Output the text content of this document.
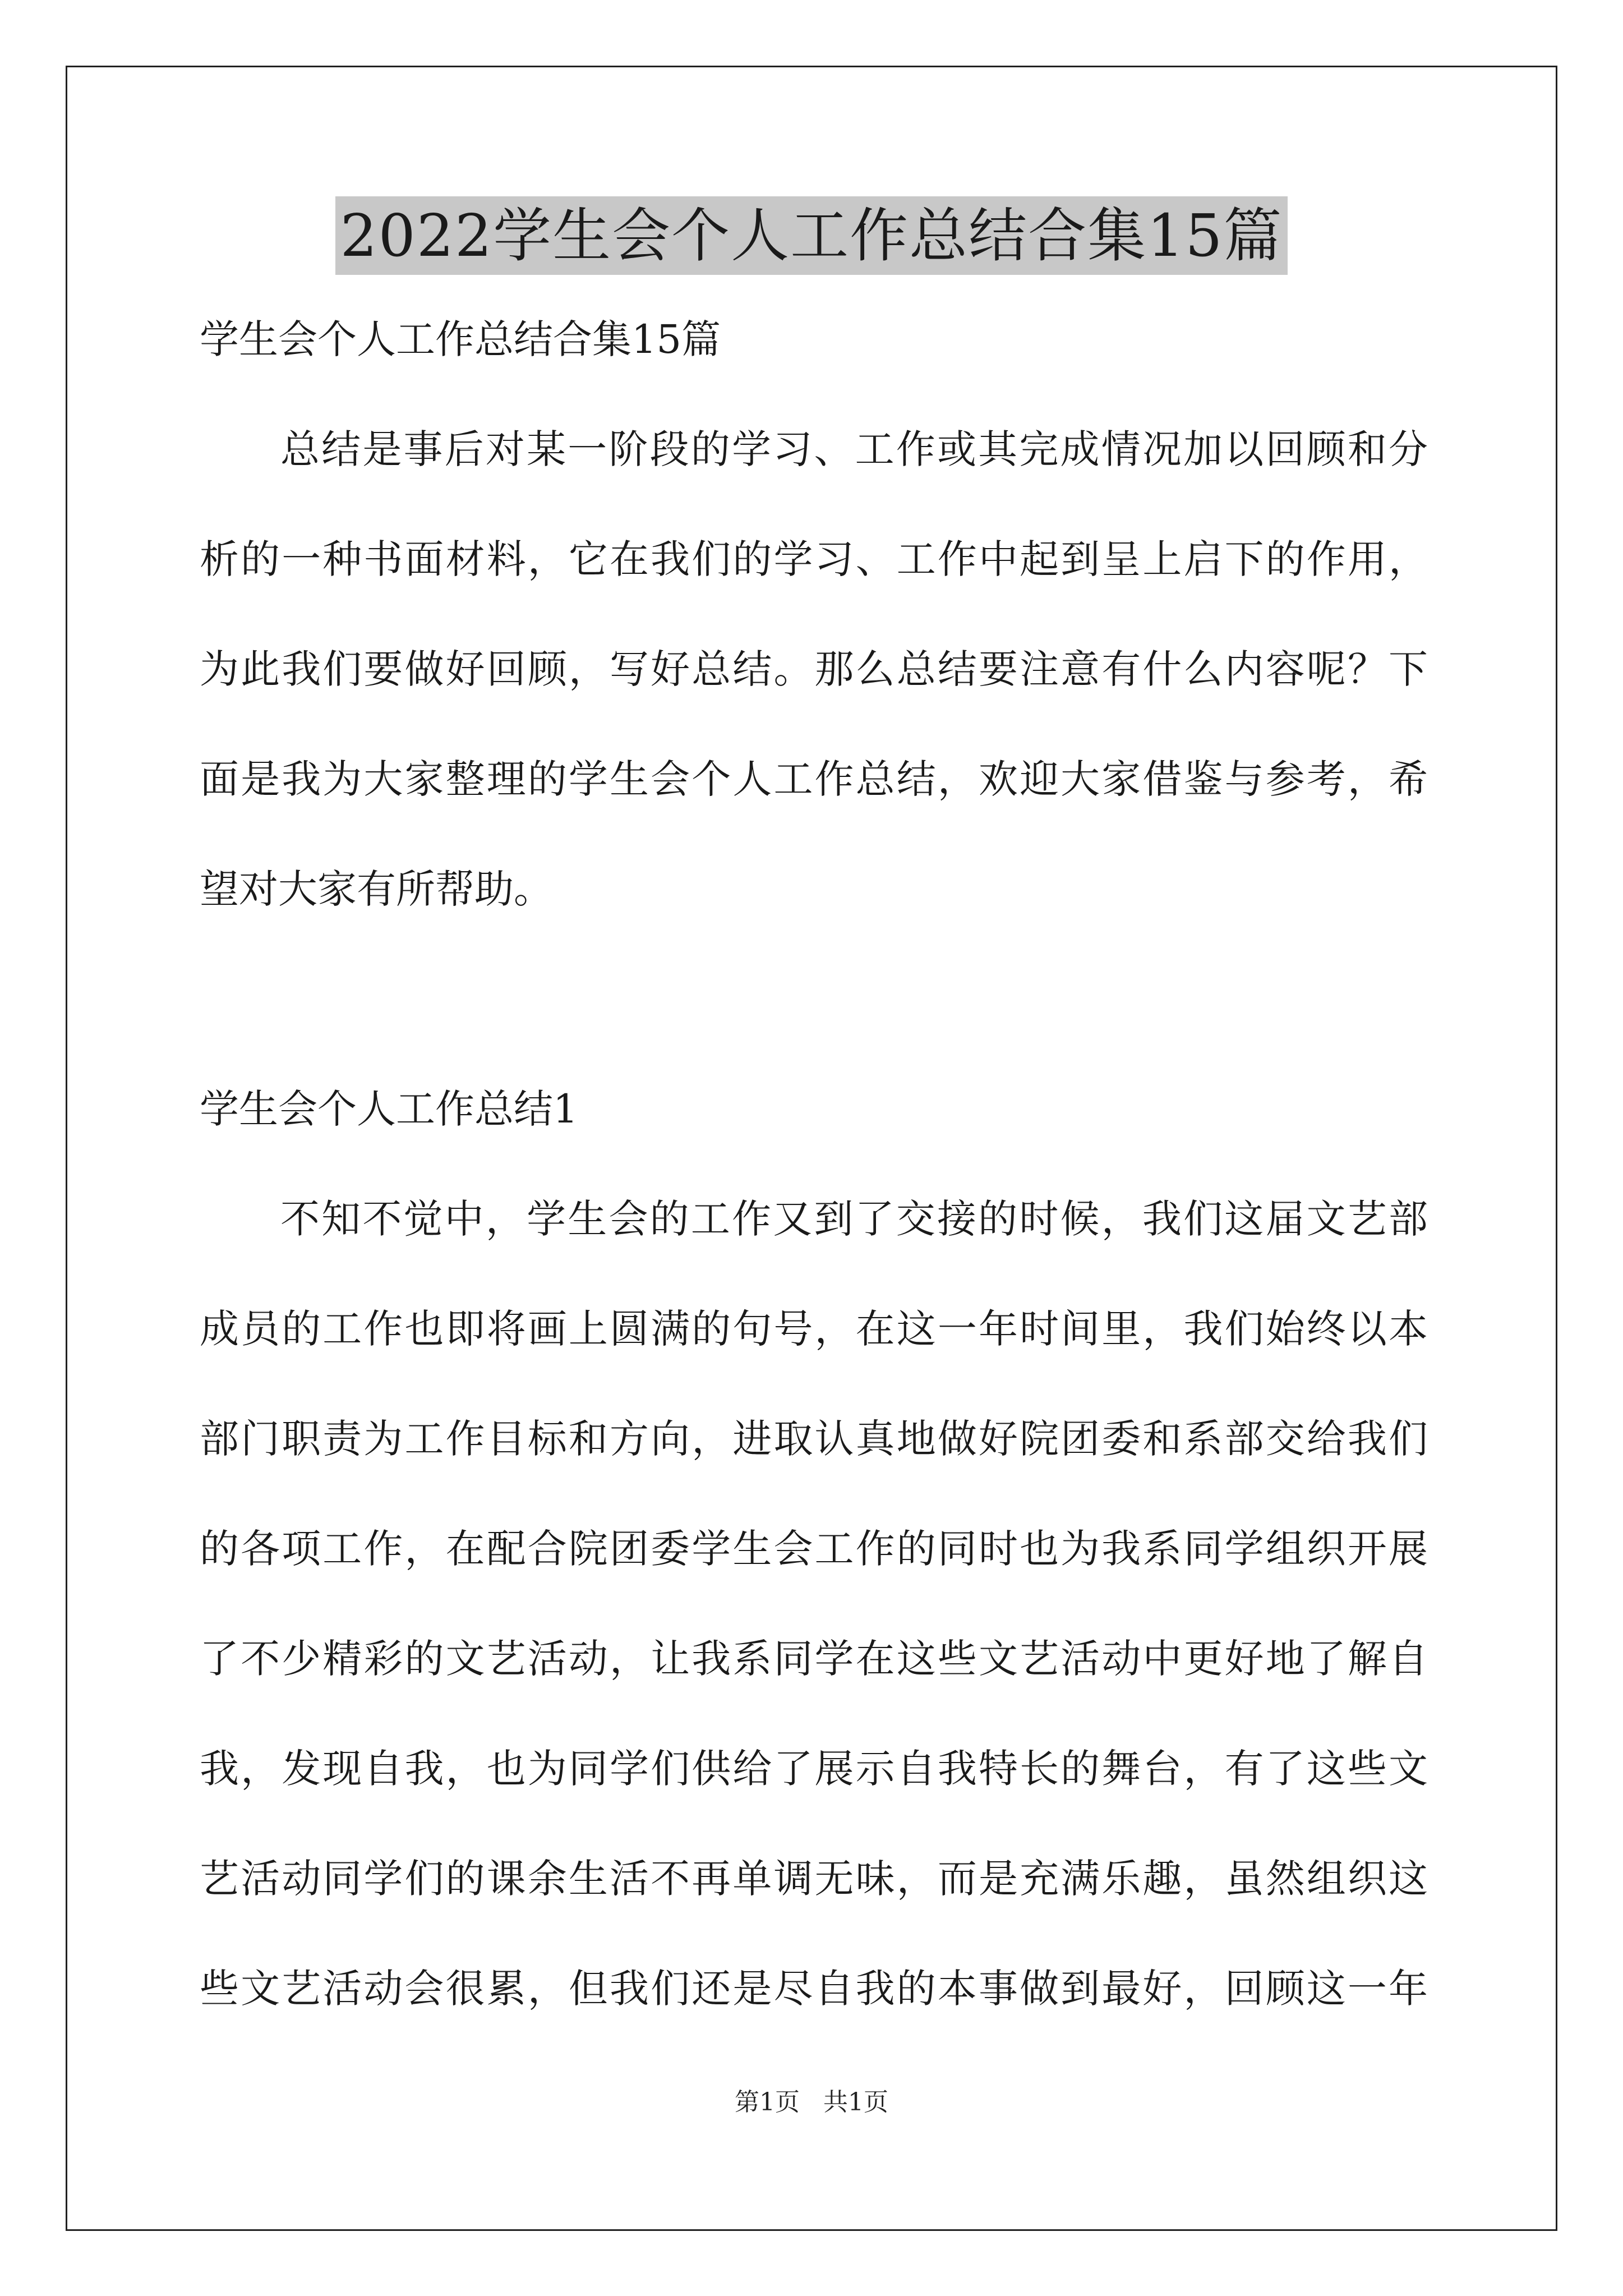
2022学生会个人工作总结合集15篇
学生会个人工作总结合集15篇
总结是事后对某一阶段的学习、工作或其完成情况加以回顾和分
析的一种书面材料，它在我们的学习、工作中起到呈上启下的作用，
为此我们要做好回顾，写好总结。那么总结要注意有什么内容呢？下
面是我为大家整理的学生会个人工作总结，欢迎大家借鉴与参考，希
望对大家有所帮助。
学生会个人工作总结1
不知不觉中，学生会的工作又到了交接的时候，我们这届文艺部
成员的工作也即将画上圆满的句号，在这一年时间里，我们始终以本
部门职责为工作目标和方向，进取认真地做好院团委和系部交给我们
的各项工作，在配合院团委学生会工作的同时也为我系同学组织开展
了不少精彩的文艺活动，让我系同学在这些文艺活动中更好地了解自
我，发现自我，也为同学们供给了展示自我特长的舞台，有了这些文
艺活动同学们的课余生活不再单调无味，而是充满乐趣，虽然组织这
些文艺活动会很累，但我们还是尽自我的本事做到最好，回顾这一年
第1页 共1页
